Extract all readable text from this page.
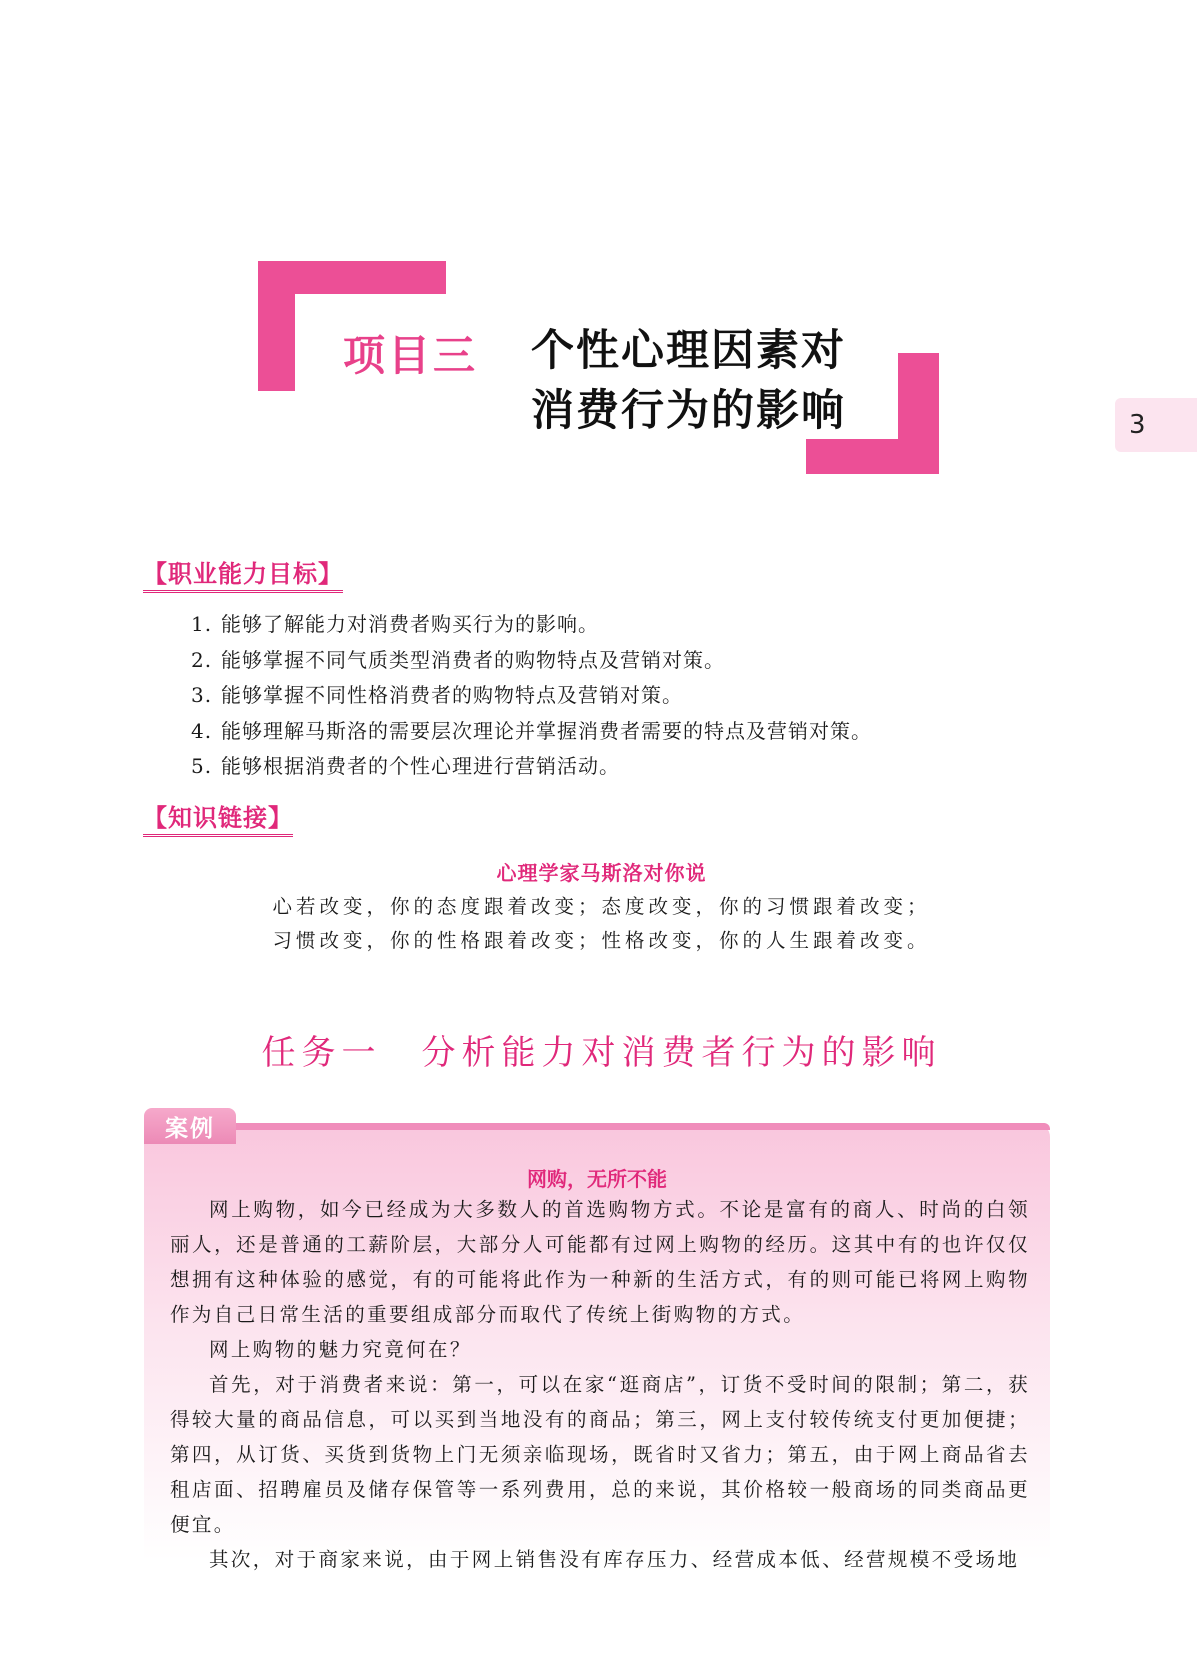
项目三 个性心理因素对
消费行为的影响	3
【职业能力目标】
1. 能够了解能力对消费者购买行为的影响。
2. 能够掌握不同气质类型消费者的购物特点及营销对策。
3. 能够掌握不同性格消费者的购物特点及营销对策。
4. 能够理解马斯洛的需要层次理论并掌握消费者需要的特点及营销对策。
5. 能够根据消费者的个性心理进行营销活动。
【知识链接】
心理学家马斯洛对你说
心若改变，你的态度跟着改变；态度改变，你的习惯跟着改变；
习惯改变，你的性格跟着改变；性格改变，你的人生跟着改变。
任务一　分析能力对消费者行为的影响
案例
网购，无所不能

网上购物，如今已经成为大多数人的首选购物方式。不论是富有的商人、时尚的白领丽人，还是普通的工薪阶层，大部分人可能都有过网上购物的经历。这其中有的也许仅仅想拥有这种体验的感觉，有的可能将此作为一种新的生活方式，有的则可能已将网上购物作为自己日常生活的重要组成部分而取代了传统上街购物的方式。

网上购物的魅力究竟何在？

首先，对于消费者来说：第一，可以在家“逛商店”，订货不受时间的限制；第二，获得较大量的商品信息，可以买到当地没有的商品；第三，网上支付较传统支付更加便捷；第四，从订货、买货到货物上门无须亲临现场，既省时又省力；第五，由于网上商品省去租店面、招聘雇员及储存保管等一系列费用，总的来说，其价格较一般商场的同类商品更便宜。

其次，对于商家来说，由于网上销售没有库存压力、经营成本低、经营规模不受场地
